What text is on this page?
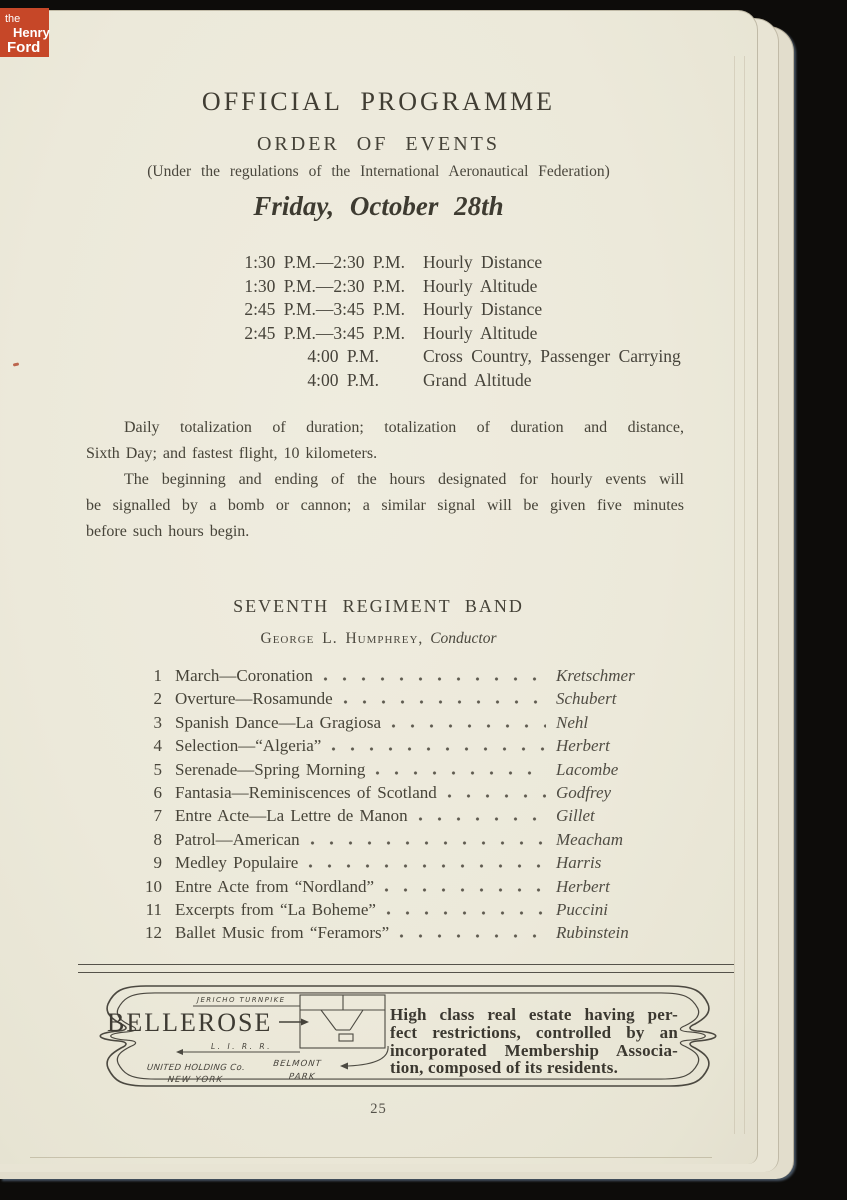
OFFICIAL PROGRAMME
ORDER OF EVENTS
(Under the regulations of the International Aeronautical Federation)
Friday, October 28th
1:30 P.M.—2:30 P.M. Hourly Distance
1:30 P.M.—2:30 P.M. Hourly Altitude
2:45 P.M.—3:45 P.M. Hourly Distance
2:45 P.M.—3:45 P.M. Hourly Altitude
4:00 P.M.	Cross Country, Passenger Carrying
4:00 P.M.	Grand Altitude
Daily totalization of duration; totalization of duration and distance,
Sixth Day; and fastest flight, 10 kilometers.
The beginning and ending of the hours designated for hourly events will
be signalled by a bomb or cannon; a similar signal will be given five minutes
before such hours begin.
SEVENTH REGIMENT BAND
George L. Humphrey, Conductor
1 March—Coronation	Kretschmer
2 Overture—Rosamunde	Schubert
3 Spanish Dance—La Gragiosa	Nehl
4 Selection—“Algeria”	Herbert
5 Serenade—Spring Morning	Lacombe
6 Fantasia—Reminiscences of Scotland	Godfrey
7 Entre Acte—La Lettre de Manon	Gillet
8 Patrol—American	Meacham
9 Medley Populaire	Harris
10 Entre Acte from “Nordland”	Herbert
11 Excerpts from “La Boheme”	Puccini
12 Ballet Music from “Feramors”	Rubinstein
BELLEROSE
JERICHO TURNPIKE
L. I. R. R.
UNITED HOLDING Co.
NEW YORK
BELMONT
PARK
High class real estate having per-
fect restrictions, controlled by an
incorporated Membership Associa-
tion, composed of its residents.
25
the
Henry
Ford
